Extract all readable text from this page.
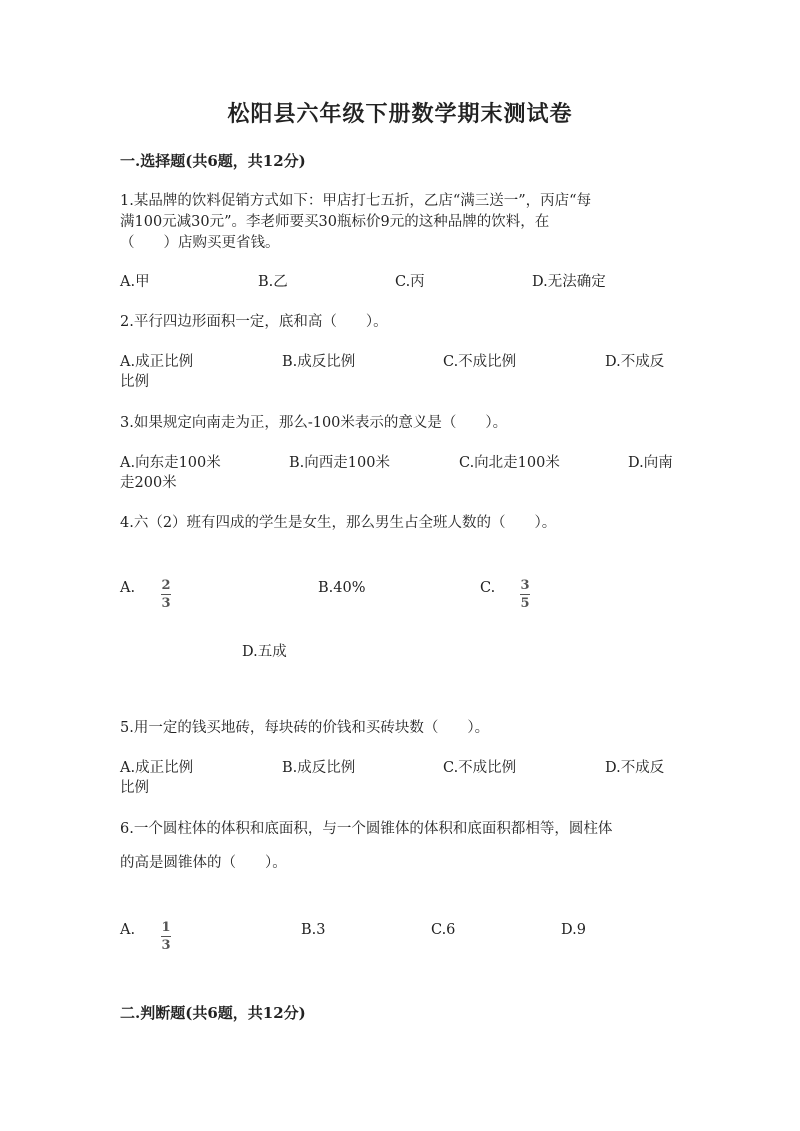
松阳县六年级下册数学期末测试卷
一.选择题(共6题，共12分)
1.某品牌的饮料促销方式如下：甲店打七五折，乙店“满三送一”，丙店“每
满100元减30元”。李老师要买30瓶标价9元的这种品牌的饮料，在
（　　）店购买更省钱。
A.甲	B.乙	C.丙	D.无法确定
2.平行四边形面积一定，底和高（　　）。
A.成正比例	B.成反比例	C.不成比例	D.不成反
比例
3.如果规定向南走为正，那么-100米表示的意义是（　　）。
A.向东走100米	B.向西走100米	C.向北走100米	D.向南
走200米
4.六（2）班有四成的学生是女生，那么男生占全班人数的（　　）。
A. $\frac{2}{3}$	B.40%	C. $\frac{3}{5}$
D.五成
5.用一定的钱买地砖，每块砖的价钱和买砖块数（　　）。
A.成正比例	B.成反比例	C.不成比例	D.不成反
比例
6.一个圆柱体的体积和底面积，与一个圆锥体的体积和底面积都相等，圆柱体
的高是圆锥体的（　　）。
A. $\frac{1}{3}$	B.3	C.6	D.9
二.判断题(共6题，共12分)
